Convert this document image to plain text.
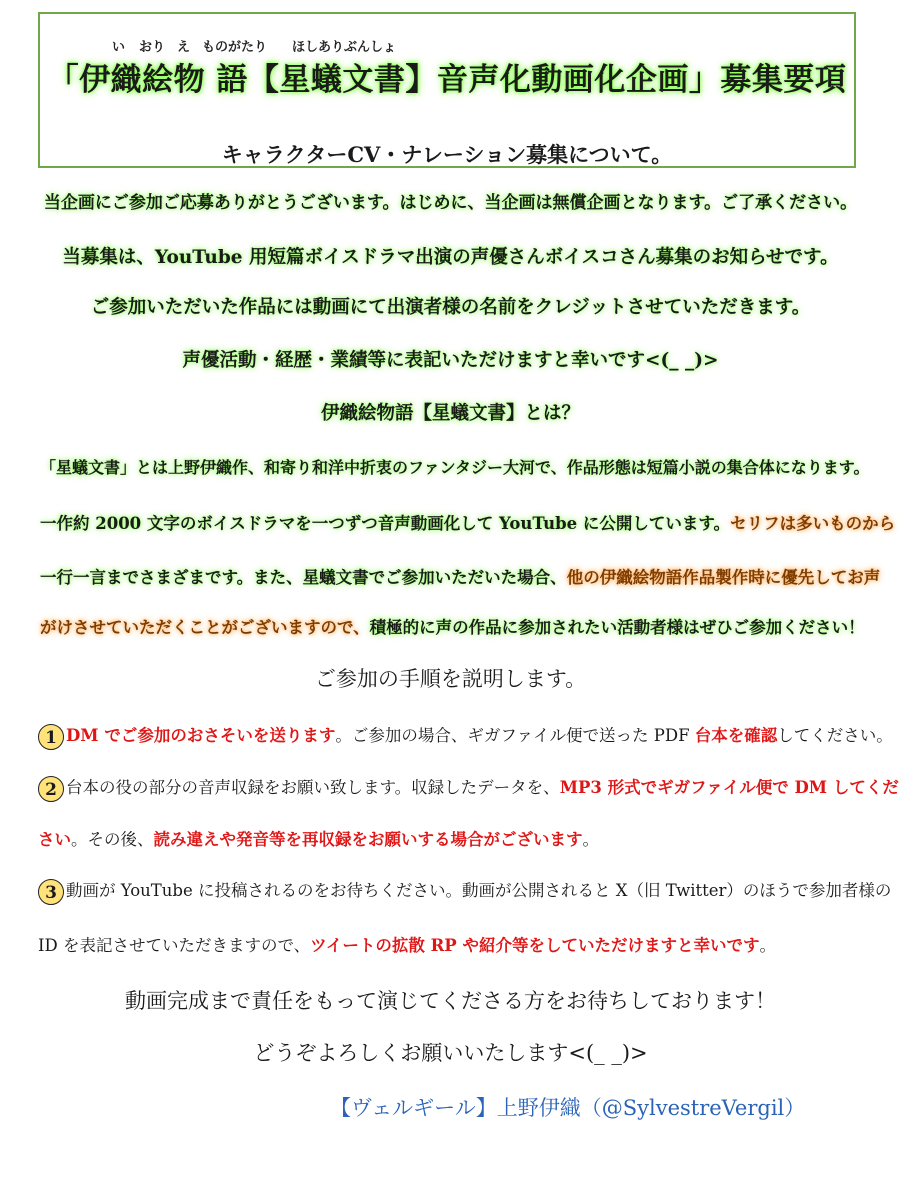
い おり え ものがたり ほしありぶんしょ
「伊織絵物 語【星蟻文書】音声化動画化企画」募集要項
キャラクターCV・ナレーション募集について。
当企画にご参加ご応募ありがとうございます。はじめに、当企画は無償企画となります。ご了承ください。
当募集は、YouTube 用短篇ボイスドラマ出演の声優さんボイスコさん募集のお知らせです。
ご参加いただいた作品には動画にて出演者様の名前をクレジットさせていただきます。
声優活動・経歴・業績等に表記いただけますと幸いです<(_ _)>
伊織絵物語【星蟻文書】とは？
「星蟻文書」とは上野伊織作、和寄り和洋中折衷のファンタジー大河で、作品形態は短篇小説の集合体になります。
一作約 2000 文字のボイスドラマを一つずつ音声動画化して YouTube に公開しています。セリフは多いものから
一行一言までさまざまです。また、星蟻文書でご参加いただいた場合、他の伊織絵物語作品製作時に優先してお声
がけさせていただくことがございますので、積極的に声の作品に参加されたい活動者様はぜひご参加ください！
ご参加の手順を説明します。
1 DM でご参加のおさそいを送ります。ご参加の場合、ギガファイル便で送った PDF 台本を確認してください。
2 台本の役の部分の音声収録をお願い致します。収録したデータを、MP3 形式でギガファイル便で DM してくだ
さい。その後、読み違えや発音等を再収録をお願いする場合がございます。
3 動画が YouTube に投稿されるのをお待ちください。動画が公開されると X（旧 Twitter）のほうで参加者様の
ID を表記させていただきますので、ツイートの拡散 RP や紹介等をしていただけますと幸いです。
動画完成まで責任をもって演じてくださる方をお待ちしております！
どうぞよろしくお願いいたします<(_ _)>
【ヴェルギール】上野伊織（@SylvestreVergil）
